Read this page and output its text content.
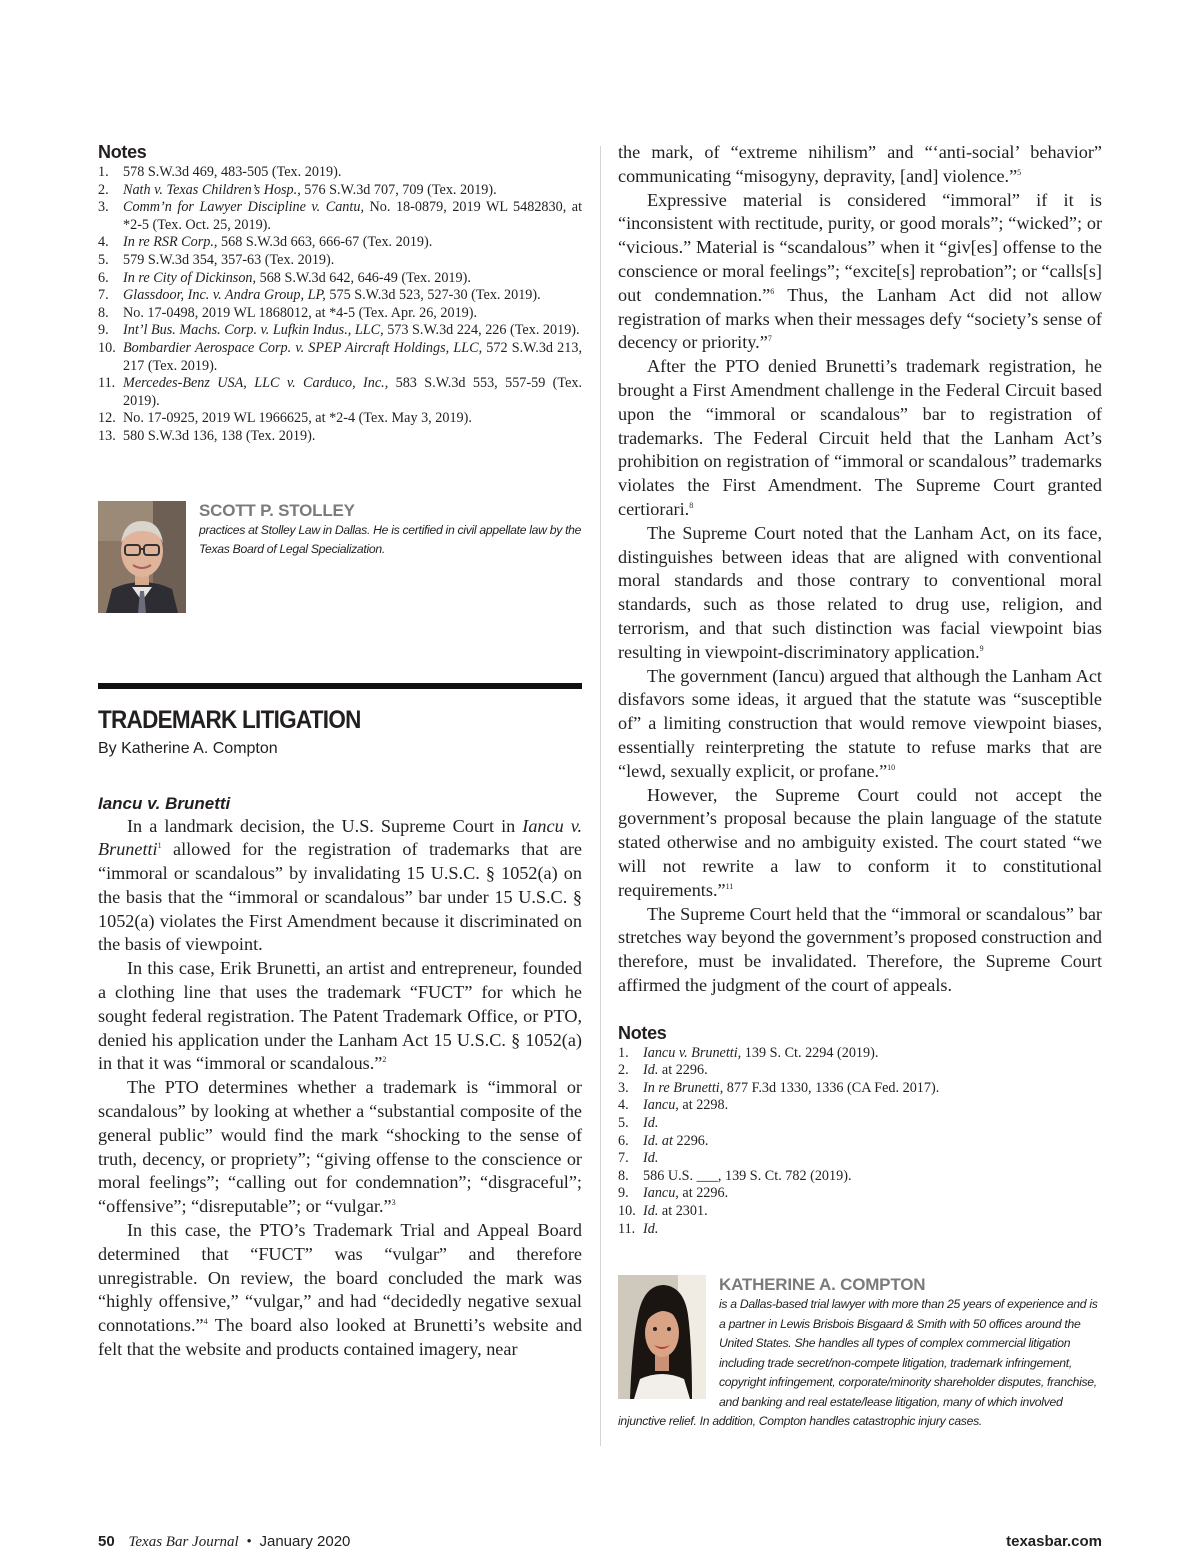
Notes
1. 578 S.W.3d 469, 483-505 (Tex. 2019).
2. Nath v. Texas Children’s Hosp., 576 S.W.3d 707, 709 (Tex. 2019).
3. Comm’n for Lawyer Discipline v. Cantu, No. 18-0879, 2019 WL 5482830, at *2-5 (Tex. Oct. 25, 2019).
4. In re RSR Corp., 568 S.W.3d 663, 666-67 (Tex. 2019).
5. 579 S.W.3d 354, 357-63 (Tex. 2019).
6. In re City of Dickinson, 568 S.W.3d 642, 646-49 (Tex. 2019).
7. Glassdoor, Inc. v. Andra Group, LP, 575 S.W.3d 523, 527-30 (Tex. 2019).
8. No. 17-0498, 2019 WL 1868012, at *4-5 (Tex. Apr. 26, 2019).
9. Int’l Bus. Machs. Corp. v. Lufkin Indus., LLC, 573 S.W.3d 224, 226 (Tex. 2019).
10. Bombardier Aerospace Corp. v. SPEP Aircraft Holdings, LLC, 572 S.W.3d 213, 217 (Tex. 2019).
11. Mercedes-Benz USA, LLC v. Carduco, Inc., 583 S.W.3d 553, 557-59 (Tex. 2019).
12. No. 17-0925, 2019 WL 1966625, at *2-4 (Tex. May 3, 2019).
13. 580 S.W.3d 136, 138 (Tex. 2019).
SCOTT P. STOLLEY
practices at Stolley Law in Dallas. He is certified in civil appellate law by the Texas Board of Legal Specialization.
TRADEMARK LITIGATION
By Katherine A. Compton
Iancu v. Brunetti

In a landmark decision, the U.S. Supreme Court in Iancu v. Brunetti$^1$ allowed for the registration of trademarks that are “immoral or scandalous” by invalidating 15 U.S.C. § 1052(a) on the basis that the “immoral or scandalous” bar under 15 U.S.C. § 1052(a) violates the First Amendment because it discriminated on the basis of viewpoint.

In this case, Erik Brunetti, an artist and entrepreneur, founded a clothing line that uses the trademark “FUCT” for which he sought federal registration. The Patent Trademark Office, or PTO, denied his application under the Lanham Act 15 U.S.C. § 1052(a) in that it was “immoral or scandalous.”$^2$

The PTO determines whether a trademark is “immoral or scandalous” by looking at whether a “substantial composite of the general public” would find the mark “shocking to the sense of truth, decency, or propriety”; “giving offense to the conscience or moral feelings”; “calling out for condemnation”; “disgraceful”; “offensive”; “disreputable”; or “vulgar.”$^3$

In this case, the PTO’s Trademark Trial and Appeal Board determined that “FUCT” was “vulgar” and therefore unregistrable. On review, the board concluded the mark was “highly offensive,” “vulgar,” and had “decidedly negative sexual connotations.”$^4$ The board also looked at Brunetti’s website and felt that the website and products contained imagery, near

the mark, of “extreme nihilism” and “‘anti-social’ behavior” communicating “misogyny, depravity, [and] violence.”$^5$

Expressive material is considered “immoral” if it is “inconsistent with rectitude, purity, or good morals”; “wicked”; or “vicious.” Material is “scandalous” when it “giv[es] offense to the conscience or moral feelings”; “excite[s] reprobation”; or “calls[s] out condemnation.”$^6$ Thus, the Lanham Act did not allow registration of marks when their messages defy “society’s sense of decency or priority.”$^7$

After the PTO denied Brunetti’s trademark registration, he brought a First Amendment challenge in the Federal Circuit based upon the “immoral or scandalous” bar to registration of trademarks. The Federal Circuit held that the Lanham Act’s prohibition on registration of “immoral or scandalous” trademarks violates the First Amendment. The Supreme Court granted certiorari.$^8$

The Supreme Court noted that the Lanham Act, on its face, distinguishes between ideas that are aligned with conventional moral standards and those contrary to conventional moral standards, such as those related to drug use, religion, and terrorism, and that such distinction was facial viewpoint bias resulting in viewpoint-discriminatory application.$^9$

The government (Iancu) argued that although the Lanham Act disfavors some ideas, it argued that the statute was “susceptible of” a limiting construction that would remove viewpoint biases, essentially reinterpreting the statute to refuse marks that are “lewd, sexually explicit, or profane.”$^{10}$

However, the Supreme Court could not accept the government’s proposal because the plain language of the statute stated otherwise and no ambiguity existed. The court stated “we will not rewrite a law to conform it to constitutional requirements.”$^{11}$

The Supreme Court held that the “immoral or scandalous” bar stretches way beyond the government’s proposed construction and therefore, must be invalidated. Therefore, the Supreme Court affirmed the judgment of the court of appeals.

Notes
1. Iancu v. Brunetti, 139 S. Ct. 2294 (2019).
2. Id. at 2296.
3. In re Brunetti, 877 F.3d 1330, 1336 (CA Fed. 2017).
4. Iancu, at 2298.
5. Id.
6. Id. at 2296.
7. Id.
8. 586 U.S. ___, 139 S. Ct. 782 (2019).
9. Iancu, at 2296.
10. Id. at 2301.
11. Id.
KATHERINE A. COMPTON
is a Dallas-based trial lawyer with more than 25 years of experience and is a partner in Lewis Brisbois Bisgaard & Smith with 50 offices around the United States. She handles all types of complex commercial litigation including trade secret/non-compete litigation, trademark infringement, copyright infringement, corporate/minority shareholder disputes, franchise, and banking and real estate/lease litigation, many of which involved injunctive relief. In addition, Compton handles catastrophic injury cases.
50 Texas Bar Journal • January 2020	texasbar.com
